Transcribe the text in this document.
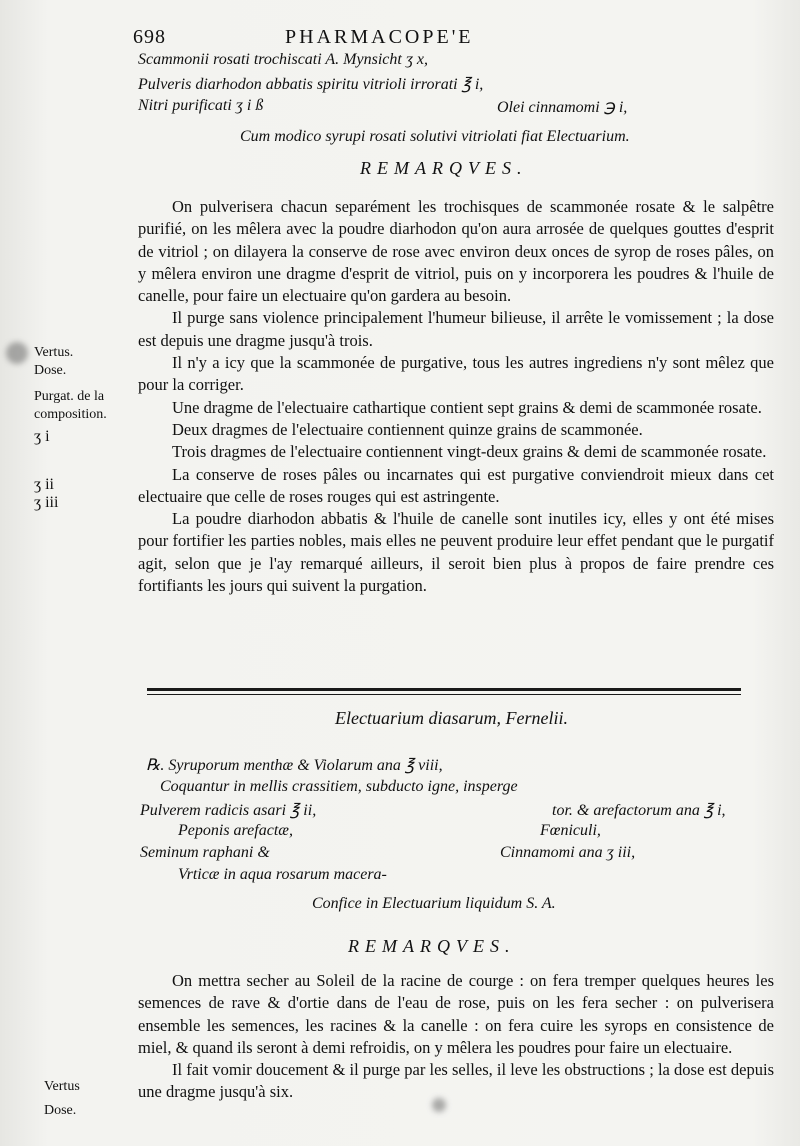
698	PHARMACOPE'E
Scammonii rosati trochiscati A. Mynsicht ʒ x,
Pulveris diarhodon abbatis spiritu vitrioli irrorati ℥ i,
Nitri purificati ʒ i ß	Olei cinnamomi ℈ i,
Cum modico syrupi rosati solutivi vitriolati fiat Electuarium.
REMARQVES.

On pulverisera chacun separément les trochisques de scammonée rosate & le salpêtre purifié, on les mêlera avec la poudre diarhodon qu'on aura arrosée de quelques gouttes d'esprit de vitriol ; on dilayera la conserve de rose avec environ deux onces de syrop de roses pâles, on y mêlera environ une dragme d'esprit de vitriol, puis on y incorporera les poudres & l'huile de canelle, pour faire un electuaire qu'on gardera au besoin.

Il purge sans violence principalement l'humeur bilieuse, il arrête le vomissement ; la dose est depuis une dragme jusqu'à trois.

Il n'y a icy que la scammonée de purgative, tous les autres ingrediens n'y sont mêlez que pour la corriger.

Une dragme de l'electuaire cathartique contient sept grains & demi de scammonée rosate.

Deux dragmes de l'electuaire contiennent quinze grains de scammonée.

Trois dragmes de l'electuaire contiennent vingt-deux grains & demi de scammonée rosate.

La conserve de roses pâles ou incarnates qui est purgative conviendroit mieux dans cet electuaire que celle de roses rouges qui est astringente.

La poudre diarhodon abbatis & l'huile de canelle sont inutiles icy, elles y ont été mises pour fortifier les parties nobles, mais elles ne peuvent produire leur effet pendant que le purgatif agit, selon que je l'ay remarqué ailleurs, il seroit bien plus à propos de faire prendre ces fortifiants les jours qui suivent la purgation.

Vertus.
Dose.
Purgat. de la
composition.
ʒ i
ʒ ii
ʒ iii
Electuarium diasarum, Fernelii.
℞. Syruporum menthæ & Violarum ana ℥ viii,
Coquantur in mellis crassitiem, subducto igne, insperge
Pulverem radicis asari ℥ ii,	tor. & arefactorum ana ℥ i,
Peponis arefactæ,	Fœniculi,
Seminum raphani &	Cinnamomi ana ʒ iii,
Vrticæ in aqua rosarum macera-
Confice in Electuarium liquidum S. A.
REMARQVES.

On mettra secher au Soleil de la racine de courge : on fera tremper quelques heures les semences de rave & d'ortie dans de l'eau de rose, puis on les fera secher : on pulverisera ensemble les semences, les racines & la canelle : on fera cuire les syrops en consistence de miel, & quand ils seront à demi refroidis, on y mêlera les poudres pour faire un electuaire.

Il fait vomir doucement & il purge par les selles, il leve les obstructions ; la dose est depuis une dragme jusqu'à six.

Vertus
Dose.
